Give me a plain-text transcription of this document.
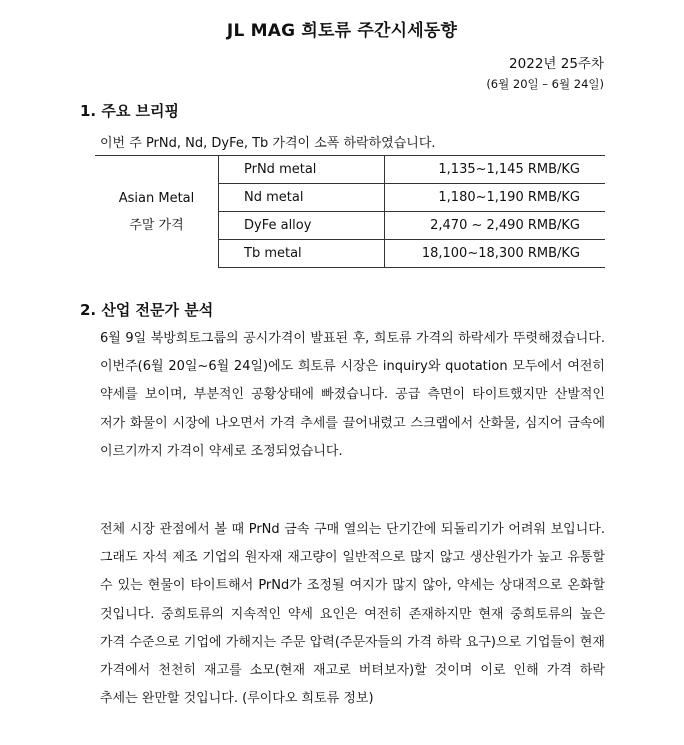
JL MAG 희토류 주간시세동향
2022년 25주차
(6월 20일 – 6월 24일)
1. 주요 브리핑
이번 주 PrNd, Nd, DyFe, Tb 가격이 소폭 하락하였습니다.
Asian Metal
주말 가격	PrNd metal	1,135~1,145 RMB/KG
	Nd metal	1,180~1,190 RMB/KG
	DyFe alloy	2,470 ~ 2,490 RMB/KG
	Tb metal	18,100~18,300 RMB/KG
2. 산업 전문가 분석
6월 9일 북방희토그룹의 공시가격이 발표된 후, 희토류 가격의 하락세가 뚜렷해졌습니다. 이번주(6월 20일~6월 24일)에도 희토류 시장은 inquiry와 quotation 모두에서 여전히 약세를 보이며, 부분적인 공황상태에 빠졌습니다. 공급 측면이 타이트했지만 산발적인 저가 화물이 시장에 나오면서 가격 추세를 끌어내렸고 스크랩에서 산화물, 심지어 금속에 이르기까지 가격이 약세로 조정되었습니다.
전체 시장 관점에서 볼 때 PrNd 금속 구매 열의는 단기간에 되돌리기가 어려워 보입니다. 그래도 자석 제조 기업의 원자재 재고량이 일반적으로 많지 않고 생산원가가 높고 유통할 수 있는 현물이 타이트해서 PrNd가 조정될 여지가 많지 않아, 약세는 상대적으로 온화할 것입니다. 중희토류의 지속적인 약세 요인은 여전히 존재하지만 현재 중희토류의 높은 가격 수준으로 기업에 가해지는 주문 압력(주문자들의 가격 하락 요구)으로 기업들이 현재 가격에서 천천히 재고를 소모(현재 재고로 버텨보자)할 것이며 이로 인해 가격 하락 추세는 완만할 것입니다. (루이다오 희토류 정보)
